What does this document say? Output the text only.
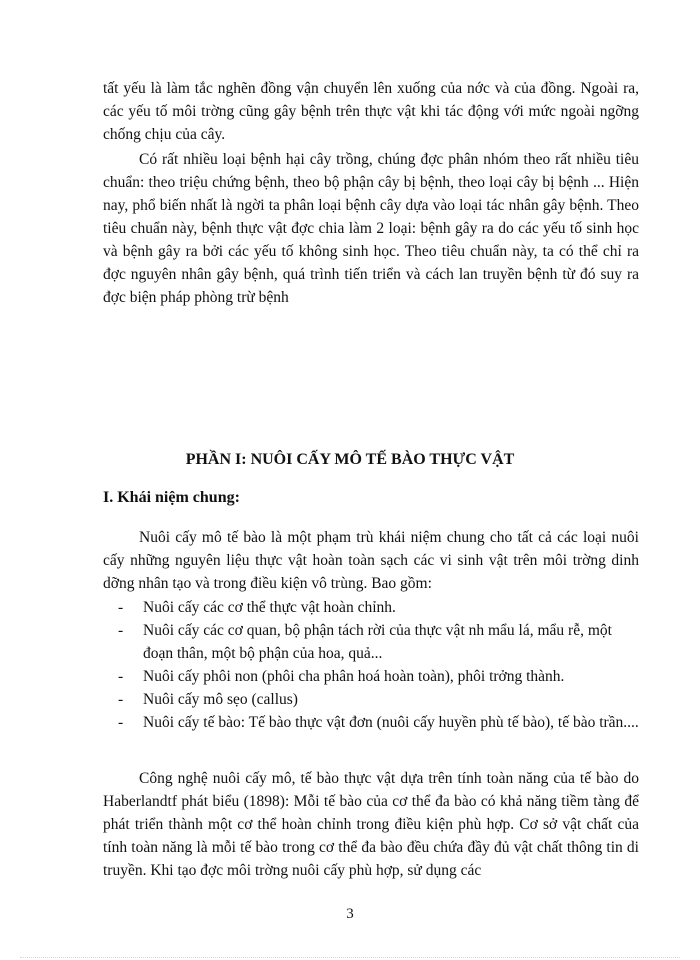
tất yếu là làm tắc nghẽn đồng vận chuyển lên xuống của nớc và của đồng. Ngoài ra, các yếu tố môi trờng cũng gây bệnh trên thực vật khi tác động với mức ngoài ngỡng chống chịu của cây.

Có rất nhiều loại bệnh hại cây trồng, chúng đợc phân nhóm theo rất nhiều tiêu chuẩn: theo triệu chứng bệnh, theo bộ phận cây bị bệnh, theo loại cây bị bệnh ... Hiện nay, phổ biến nhất là ngời ta phân loại bệnh cây dựa vào loại tác nhân gây bệnh. Theo tiêu chuẩn này, bệnh thực vật đợc chia làm 2 loại: bệnh gây ra do các yếu tố sinh học và bệnh gây ra bởi các yếu tố không sinh học. Theo tiêu chuẩn này, ta có thể chỉ ra đợc nguyên nhân gây bệnh, quá trình tiến triển và cách lan truyền bệnh từ đó suy ra đợc biện pháp phòng trừ bệnh

PHẦN I: NUÔI CẤY MÔ TẾ BÀO THỰC VẬT

I. Khái niệm chung:

Nuôi cấy mô tế bào là một phạm trù khái niệm chung cho tất cả các loại nuôi cấy những nguyên liệu thực vật hoàn toàn sạch các vi sinh vật trên môi trờng dinh dỡng nhân tạo và trong điều kiện vô trùng. Bao gồm:

- Nuôi cấy các cơ thể thực vật hoàn chỉnh.
- Nuôi cấy các cơ quan, bộ phận tách rời của thực vật nh mẩu lá, mẩu rễ, một đoạn thân, một bộ phận của hoa, quả...
- Nuôi cấy phôi non (phôi cha phân hoá hoàn toàn), phôi trởng thành.
- Nuôi cấy mô sẹo (callus)
- Nuôi cấy tế bào: Tế bào thực vật đơn (nuôi cấy huyền phù tế bào), tế bào trần....

Công nghệ nuôi cấy mô, tế bào thực vật dựa trên tính toàn năng của tế bào do Haberlandtf phát biểu (1898): Mỗi tế bào của cơ thể đa bào có khả năng tiềm tàng để phát triển thành một cơ thể hoàn chỉnh trong điều kiện phù hợp. Cơ sở vật chất của tính toàn năng là mỗi tế bào trong cơ thể đa bào đều chứa đầy đủ vật chất thông tin di truyền. Khi tạo đợc môi trờng nuôi cấy phù hợp, sử dụng các

3
